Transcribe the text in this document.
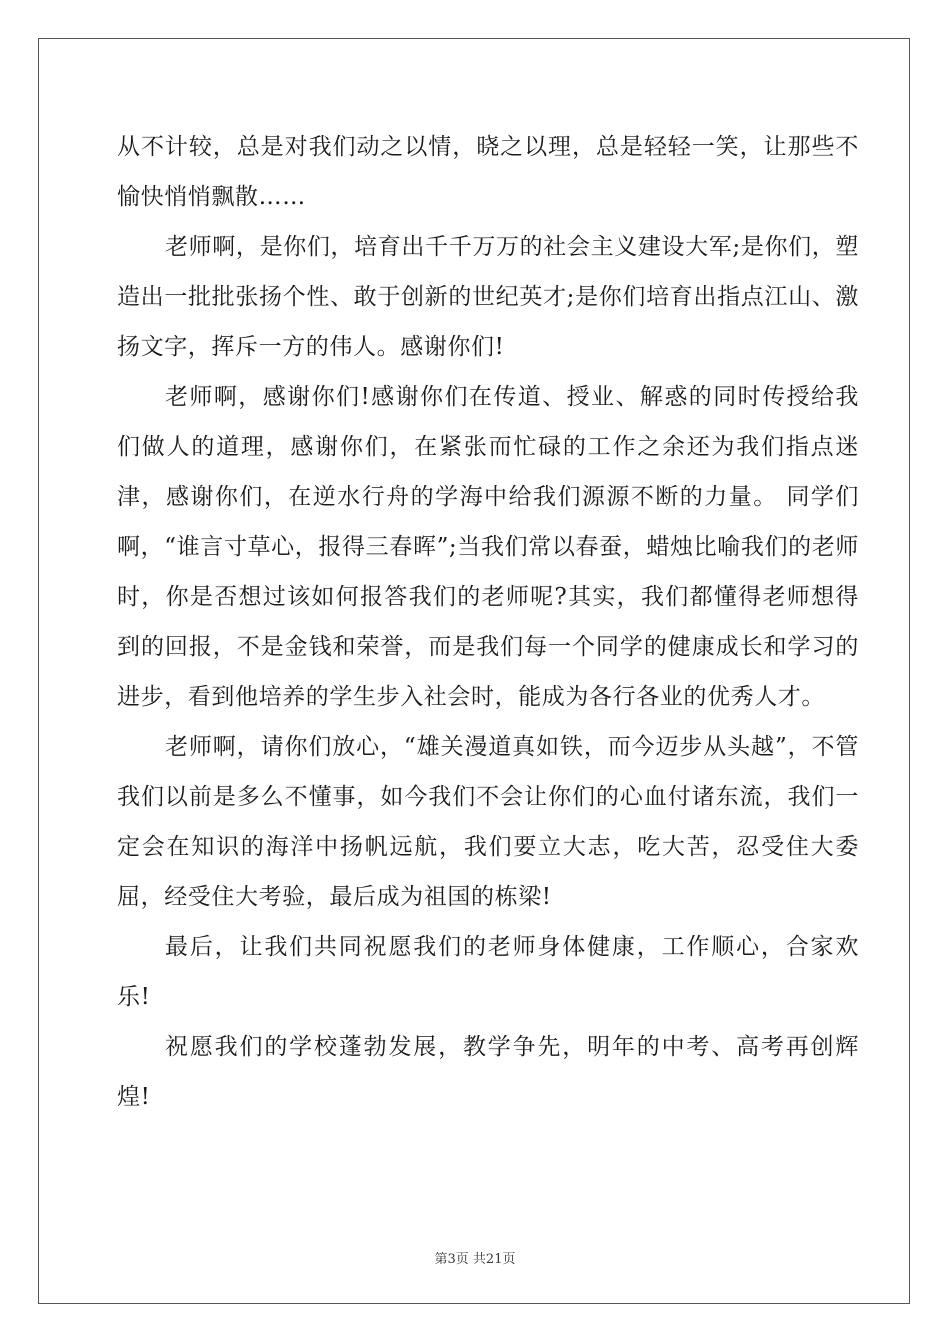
从不计较，总是对我们动之以情，晓之以理，总是轻轻一笑，让那些不愉快悄悄飘散……

老师啊，是你们，培育出千千万万的社会主义建设大军;是你们，塑造出一批批张扬个性、敢于创新的世纪英才;是你们培育出指点江山、激扬文字，挥斥一方的伟人。感谢你们!

老师啊，感谢你们!感谢你们在传道、授业、解惑的同时传授给我们做人的道理，感谢你们，在紧张而忙碌的工作之余还为我们指点迷津，感谢你们，在逆水行舟的学海中给我们源源不断的力量。 同学们啊，“谁言寸草心，报得三春晖”;当我们常以春蚕，蜡烛比喻我们的老师时，你是否想过该如何报答我们的老师呢?其实，我们都懂得老师想得到的回报，不是金钱和荣誉，而是我们每一个同学的健康成长和学习的进步，看到他培养的学生步入社会时，能成为各行各业的优秀人才。

老师啊，请你们放心，“雄关漫道真如铁，而今迈步从头越”，不管我们以前是多么不懂事，如今我们不会让你们的心血付诸东流，我们一定会在知识的海洋中扬帆远航，我们要立大志，吃大苦，忍受住大委屈，经受住大考验，最后成为祖国的栋梁!

最后，让我们共同祝愿我们的老师身体健康，工作顺心，合家欢乐!

祝愿我们的学校蓬勃发展，教学争先，明年的中考、高考再创辉煌!

第3页 共21页
